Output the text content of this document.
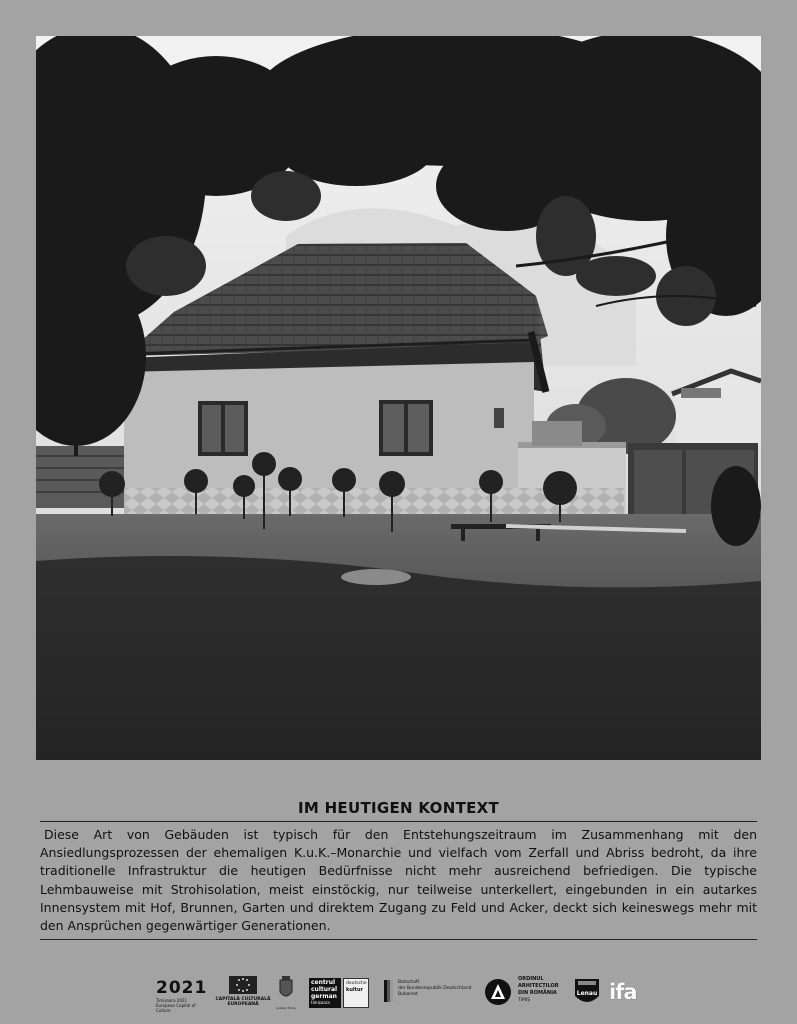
IM HEUTIGEN KONTEXT
Diese Art von Gebäuden ist typisch für den Entstehungszeitraum im Zusammenhang mit den Ansiedlungsprozessen der ehemaligen K.u.K.–Monarchie und vielfach vom Zerfall und Abriss bedroht, da ihre traditionelle Infrastruktur die heutigen Bedürfnisse nicht mehr ausreichend befriedigen. Die typische Lehmbauweise mit Strohisolation, meist einstöckig, nur teilweise unterkellert, eingebunden in ein autarkes Innensystem mit Hof, Brunnen, Garten und direktem Zugang zu Feld und Acker, deckt sich keineswegs mehr mit den Ansprüchen gegenwärtiger Generationen.
2021
Timișoara 2021
European Capital of Culture
CAPITALĂ CULTURALĂ
EUROPEANĂ
Județul Timiș
centrul
cultural
german
timișoara
deutsche
kultur
Botschaft
der Bundesrepublik Deutschland
Bukarest
ORDINUL
ARHITECȚILOR
DIN ROMÂNIA
TIMIȘ
Lenau ifa
